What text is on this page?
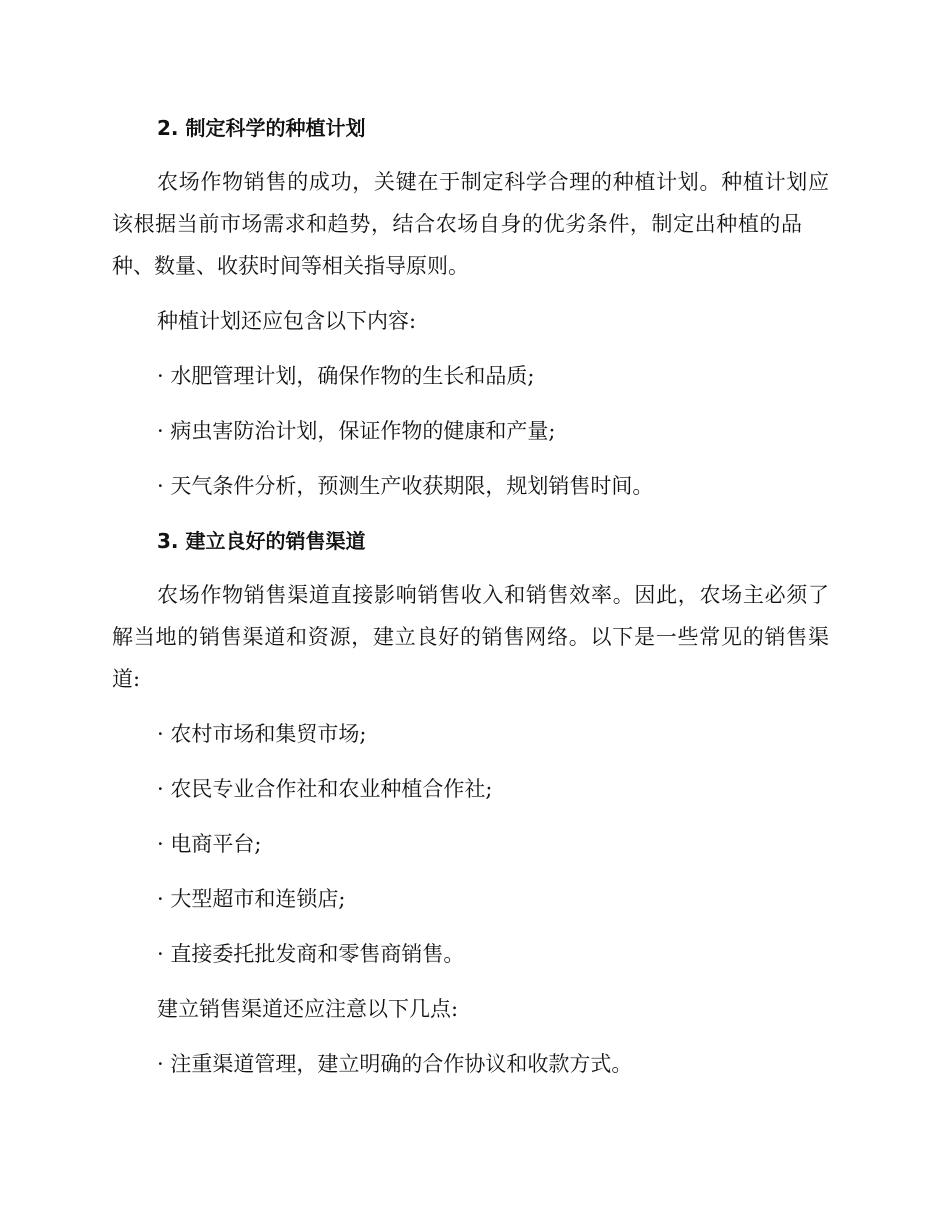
2. 制定科学的种植计划
农场作物销售的成功，关键在于制定科学合理的种植计划。种植计划应
该根据当前市场需求和趋势，结合农场自身的优劣条件，制定出种植的品
种、数量、收获时间等相关指导原则。
种植计划还应包含以下内容:
· 水肥管理计划，确保作物的生长和品质;
· 病虫害防治计划，保证作物的健康和产量;
· 天气条件分析，预测生产收获期限，规划销售时间。
3. 建立良好的销售渠道
农场作物销售渠道直接影响销售收入和销售效率。因此，农场主必须了
解当地的销售渠道和资源，建立良好的销售网络。以下是一些常见的销售渠
道:
· 农村市场和集贸市场;
· 农民专业合作社和农业种植合作社;
· 电商平台;
· 大型超市和连锁店;
· 直接委托批发商和零售商销售。
建立销售渠道还应注意以下几点:
· 注重渠道管理，建立明确的合作协议和收款方式。
